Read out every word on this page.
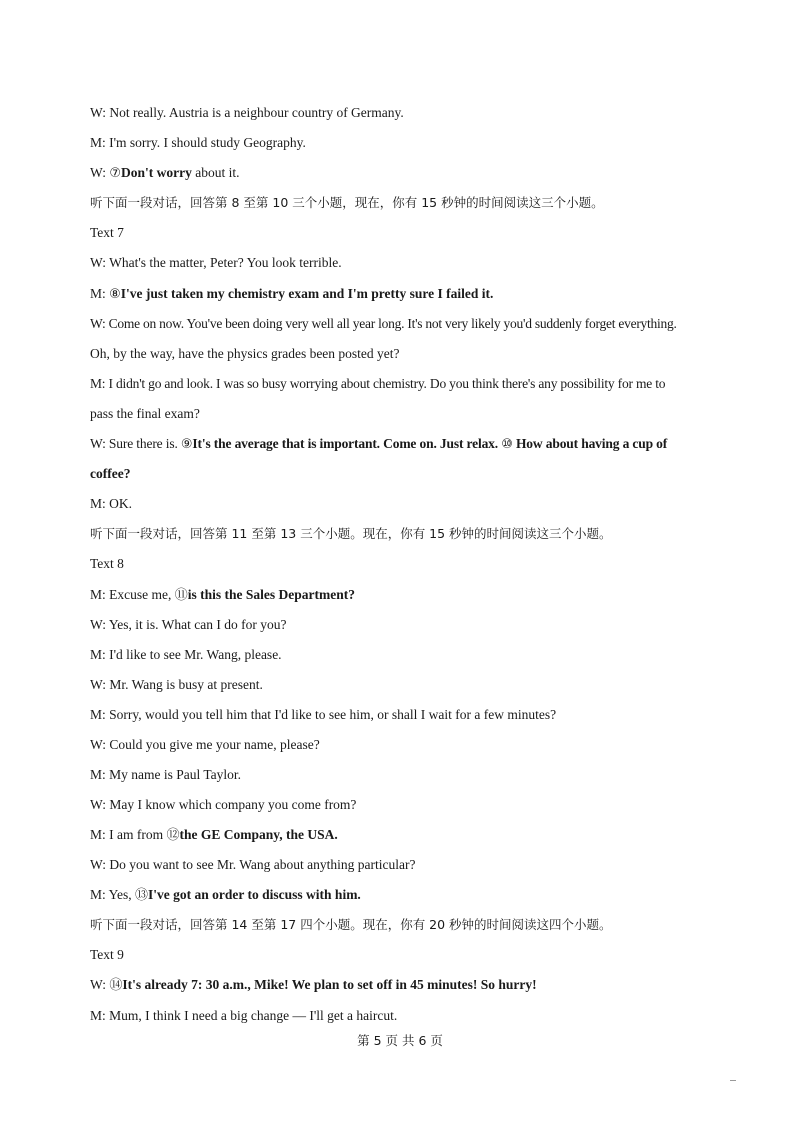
W: Not really. Austria is a neighbour country of Germany.
M: I'm sorry. I should study Geography.
W: ⑦Don't worry about it.
听下面一段对话，回答第 8 至第 10 三个小题，现在，你有 15 秒钟的时间阅读这三个小题。
Text 7
W: What's the matter, Peter? You look terrible.
M: ⑧I've just taken my chemistry exam and I'm pretty sure I failed it.
W: Come on now. You've been doing very well all year long. It's not very likely you'd suddenly forget everything.
Oh, by the way, have the physics grades been posted yet?
M: I didn't go and look. I was so busy worrying about chemistry. Do you think there's any possibility for me to
pass the final exam?
W: Sure there is. ⑨It's the average that is important. Come on. Just relax. ⑩ How about having a cup of
coffee?
M: OK.
听下面一段对话，回答第 11 至第 13 三个小题。现在，你有 15 秒钟的时间阅读这三个小题。
Text 8
M: Excuse me, ⑪is this the Sales Department?
W: Yes, it is. What can I do for you?
M: I'd like to see Mr. Wang, please.
W: Mr. Wang is busy at present.
M: Sorry, would you tell him that I'd like to see him, or shall I wait for a few minutes?
W: Could you give me your name, please?
M: My name is Paul Taylor.
W: May I know which company you come from?
M: I am from ⑫the GE Company, the USA.
W: Do you want to see Mr. Wang about anything particular?
M: Yes, ⑬I've got an order to discuss with him.
听下面一段对话，回答第 14 至第 17 四个小题。现在，你有 20 秒钟的时间阅读这四个小题。
Text 9
W: ⑭It's already 7: 30 a.m., Mike! We plan to set off in 45 minutes! So hurry!
M: Mum, I think I need a big change — I'll get a haircut.
第 5 页 共 6 页
